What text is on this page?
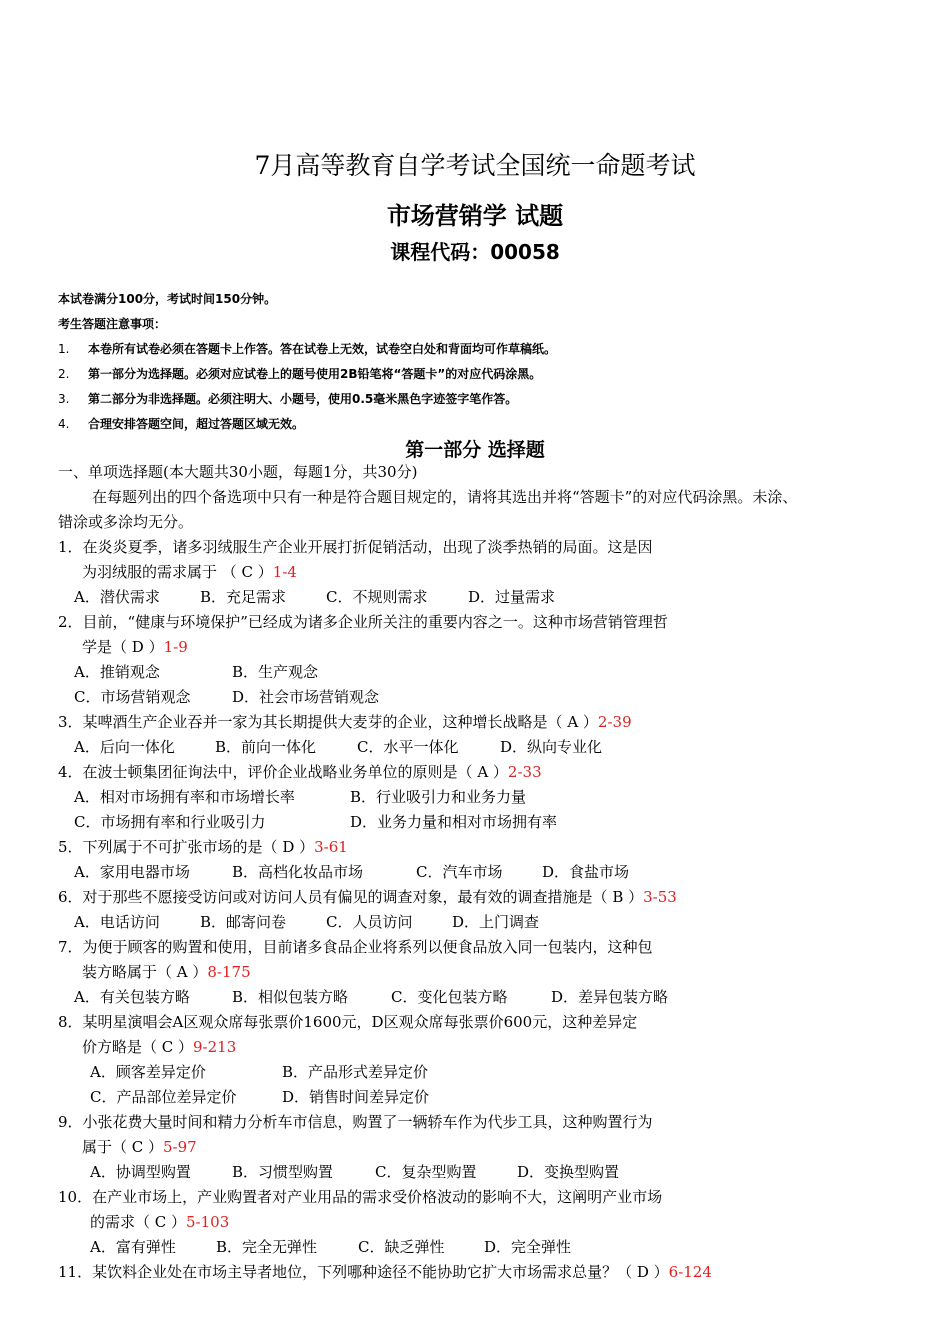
7月高等教育自学考试全国统一命题考试
市场营销学 试题
课程代码：00058
本试卷满分100分，考试时间150分钟。
考生答题注意事项：
1. 本卷所有试卷必须在答题卡上作答。答在试卷上无效，试卷空白处和背面均可作草稿纸。
2. 第一部分为选择题。必须对应试卷上的题号使用2B铅笔将“答题卡”的对应代码涂黑。
3. 第二部分为非选择题。必须注明大、小题号，使用0.5毫米黑色字迹签字笔作答。
4. 合理安排答题空间，超过答题区域无效。
第一部分 选择题
一、单项选择题(本大题共30小题，每题1分，共30分)
在每题列出的四个备选项中只有一种是符合题目规定的，请将其选出并将“答题卡”的对应代码涂黑。未涂、
错涂或多涂均无分。
1．在炎炎夏季，诸多羽绒服生产企业开展打折促销活动，出现了淡季热销的局面。这是因
为羽绒服的需求属于 （ C ）1-4
A．潜伏需求	B．充足需求	C．不规则需求	D．过量需求
2．目前，“健康与环境保护”已经成为诸多企业所关注的重要内容之一。这种市场营销管理哲
学是（ D ）1-9
A．推销观念	B．生产观念
C．市场营销观念	D．社会市场营销观念
3．某啤酒生产企业吞并一家为其长期提供大麦芽的企业，这种增长战略是（ A ）2-39
A．后向一体化	B．前向一体化	C．水平一体化	D．纵向专业化
4．在波士顿集团征询法中，评价企业战略业务单位的原则是（ A ）2-33
A．相对市场拥有率和市场增长率	B．行业吸引力和业务力量
C．市场拥有率和行业吸引力	D．业务力量和相对市场拥有率
5．下列属于不可扩张市场的是（ D ）3-61
A．家用电器市场	B．高档化妆品市场	C．汽车市场	D．食盐市场
6．对于那些不愿接受访问或对访问人员有偏见的调查对象，最有效的调查措施是（ B ）3-53
A．电话访问	B．邮寄问卷	C．人员访问	D．上门调查
7．为便于顾客的购置和使用，目前诸多食品企业将系列以便食品放入同一包装内，这种包
装方略属于（ A ）8-175
A．有关包装方略	B．相似包装方略	C．变化包装方略	D．差异包装方略
8．某明星演唱会A区观众席每张票价1600元，D区观众席每张票价600元，这种差异定
价方略是（ C ）9-213
A．顾客差异定价	B．产品形式差异定价
C．产品部位差异定价	D．销售时间差异定价
9．小张花费大量时间和精力分析车市信息，购置了一辆轿车作为代步工具，这种购置行为
属于（ C ）5-97
A．协调型购置	B．习惯型购置	C．复杂型购置	D．变换型购置
10．在产业市场上，产业购置者对产业用品的需求受价格波动的影响不大，这阐明产业市场
的需求（ C ）5-103
A．富有弹性	B．完全无弹性	C．缺乏弹性	D．完全弹性
11．某饮料企业处在市场主导者地位，下列哪种途径不能协助它扩大市场需求总量？（ D ）6-124
